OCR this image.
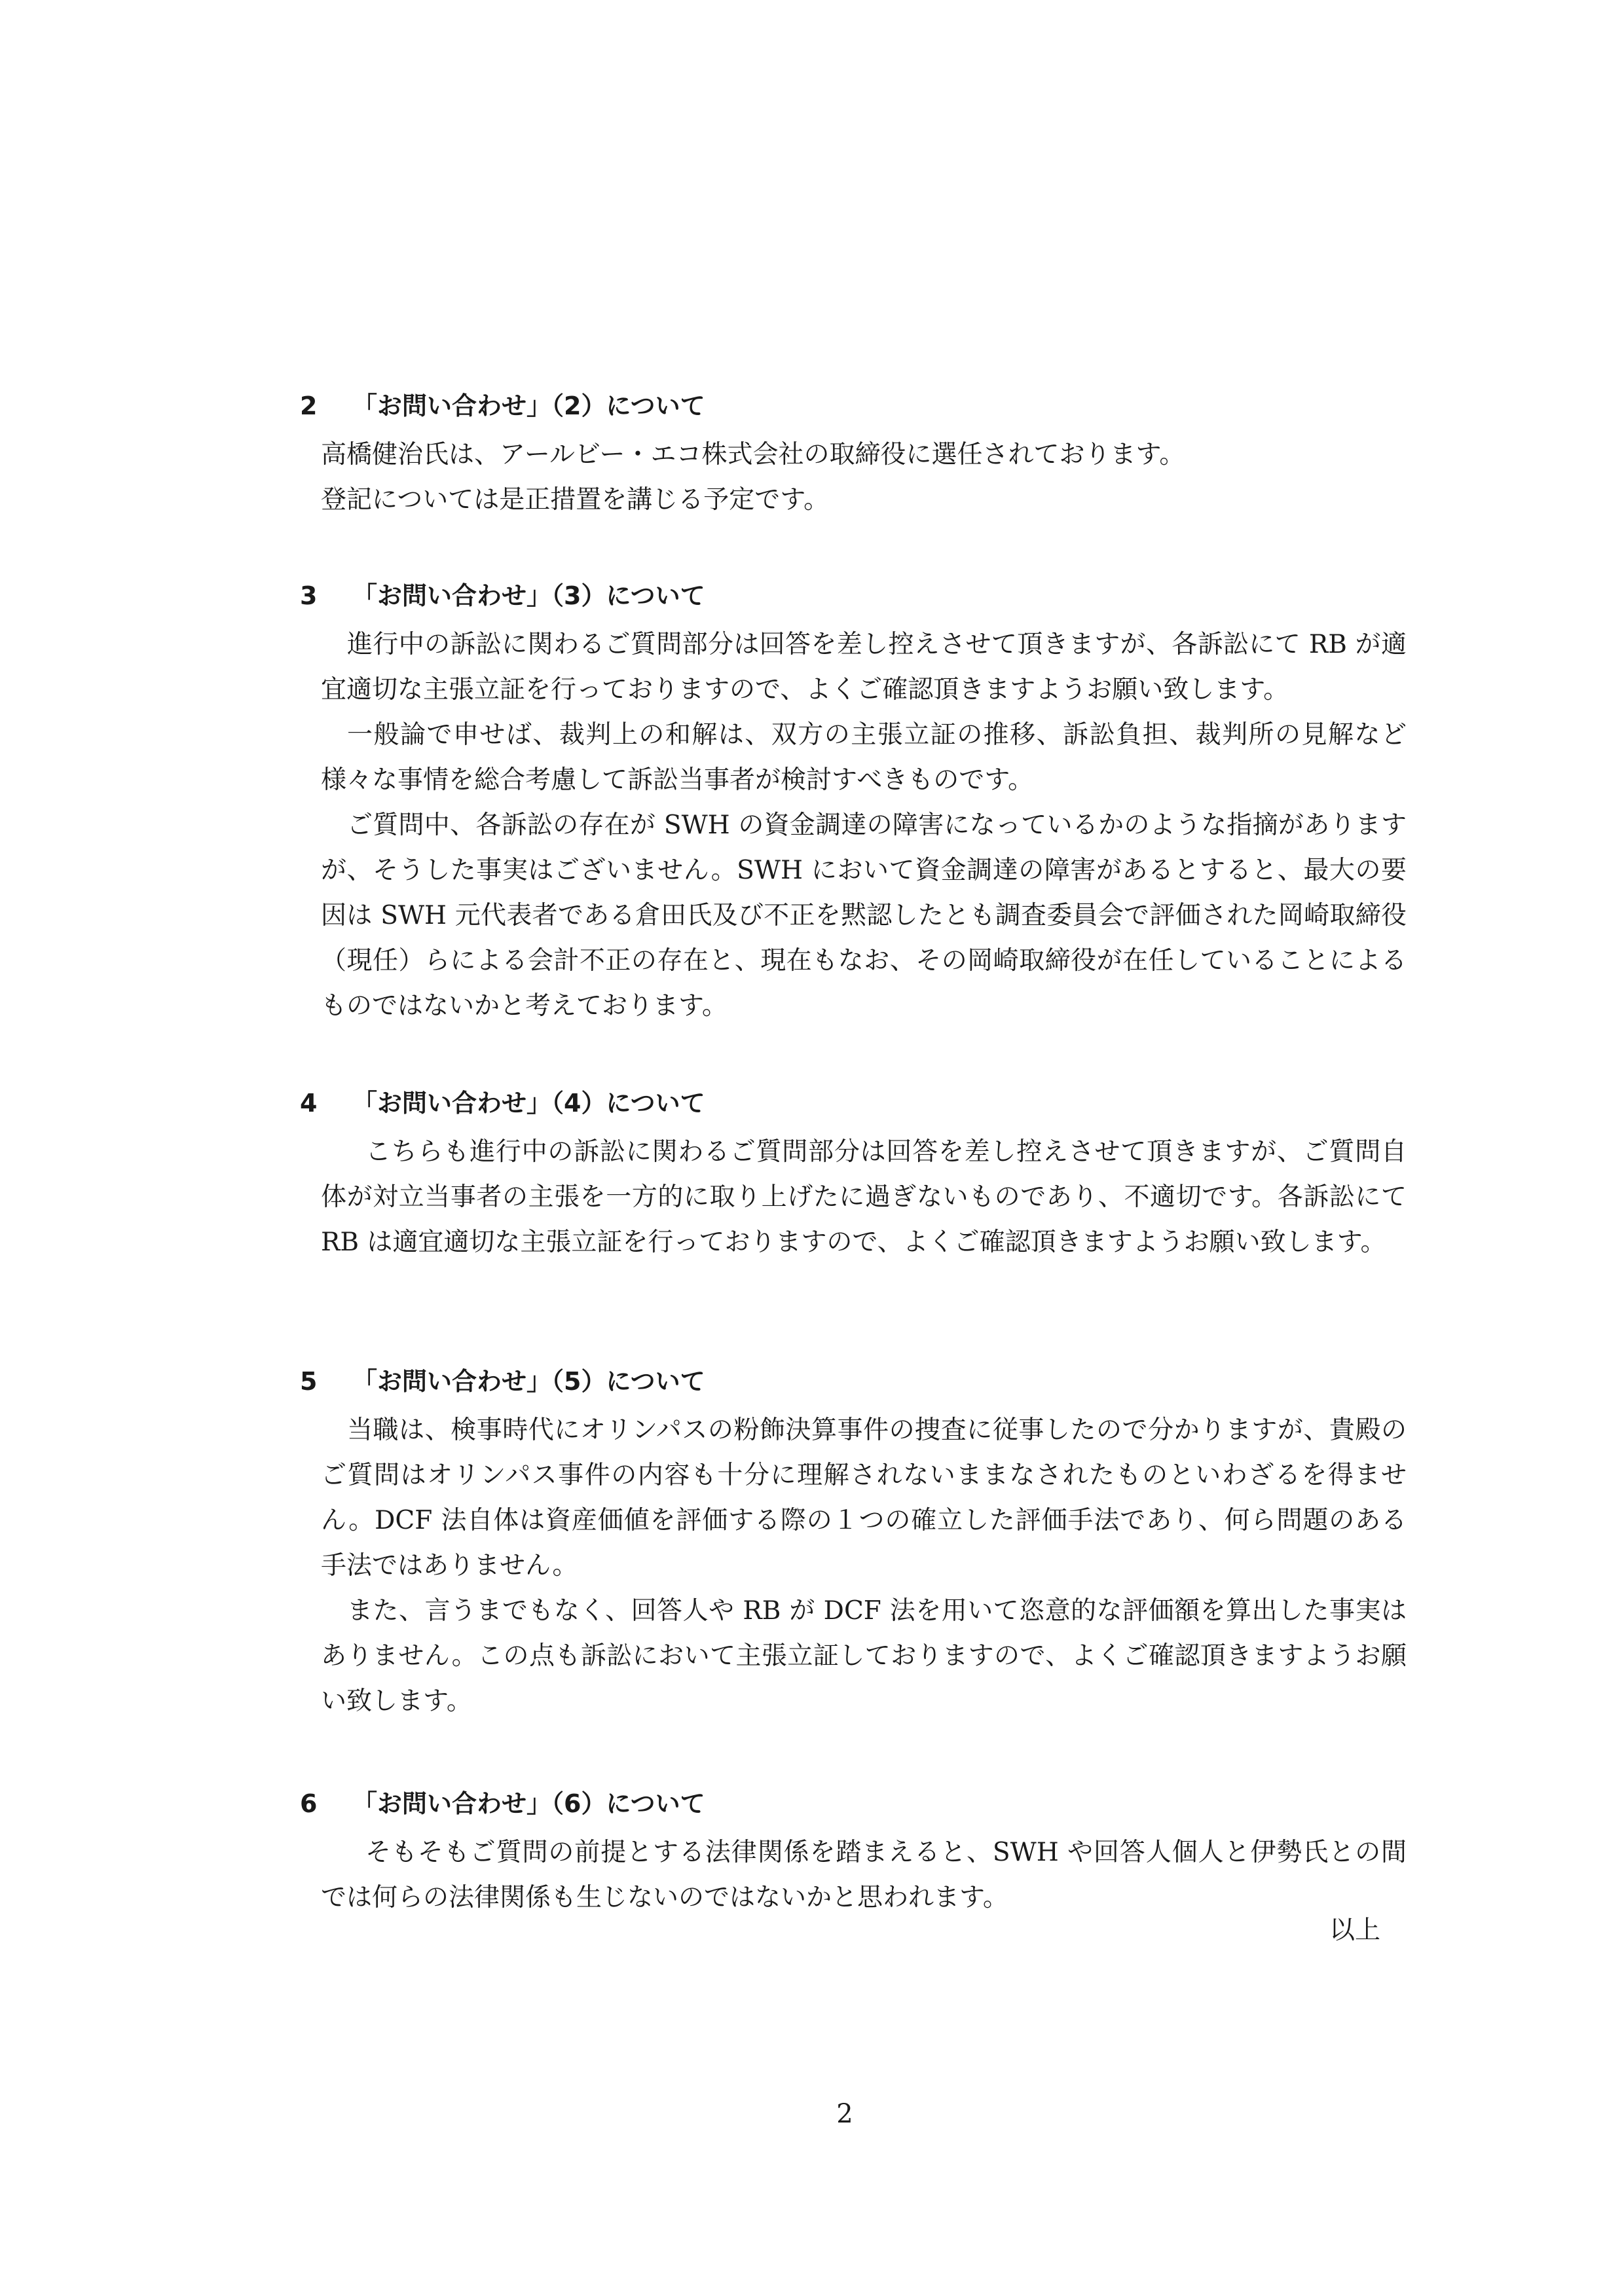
2 「お問い合わせ」（2）について

高橋健治氏は、アールビー・エコ株式会社の取締役に選任されております。

登記については是正措置を講じる予定です。

3 「お問い合わせ」（3）について

進行中の訴訟に関わるご質問部分は回答を差し控えさせて頂きますが、各訴訟にて RB が適宜適切な主張立証を行っておりますので、よくご確認頂きますようお願い致します。

一般論で申せば、裁判上の和解は、双方の主張立証の推移、訴訟負担、裁判所の見解など様々な事情を総合考慮して訴訟当事者が検討すべきものです。

ご質問中、各訴訟の存在が SWH の資金調達の障害になっているかのような指摘がありますが、そうした事実はございません。SWH において資金調達の障害があるとすると、最大の要因は SWH 元代表者である倉田氏及び不正を黙認したとも調査委員会で評価された岡崎取締役（現任）らによる会計不正の存在と、現在もなお、その岡崎取締役が在任していることによるものではないかと考えております。

4 「お問い合わせ」（4）について

こちらも進行中の訴訟に関わるご質問部分は回答を差し控えさせて頂きますが、ご質問自体が対立当事者の主張を一方的に取り上げたに過ぎないものであり、不適切です。各訴訟にて RB は適宜適切な主張立証を行っておりますので、よくご確認頂きますようお願い致します。

5 「お問い合わせ」（5）について

当職は、検事時代にオリンパスの粉飾決算事件の捜査に従事したので分かりますが、貴殿のご質問はオリンパス事件の内容も十分に理解されないままなされたものといわざるを得ません。DCF 法自体は資産価値を評価する際の１つの確立した評価手法であり、何ら問題のある手法ではありません。

また、言うまでもなく、回答人や RB が DCF 法を用いて恣意的な評価額を算出した事実はありません。この点も訴訟において主張立証しておりますので、よくご確認頂きますようお願い致します。

6 「お問い合わせ」（6）について

そもそもご質問の前提とする法律関係を踏まえると、SWH や回答人個人と伊勢氏との間では何らの法律関係も生じないのではないかと思われます。

以上
2
